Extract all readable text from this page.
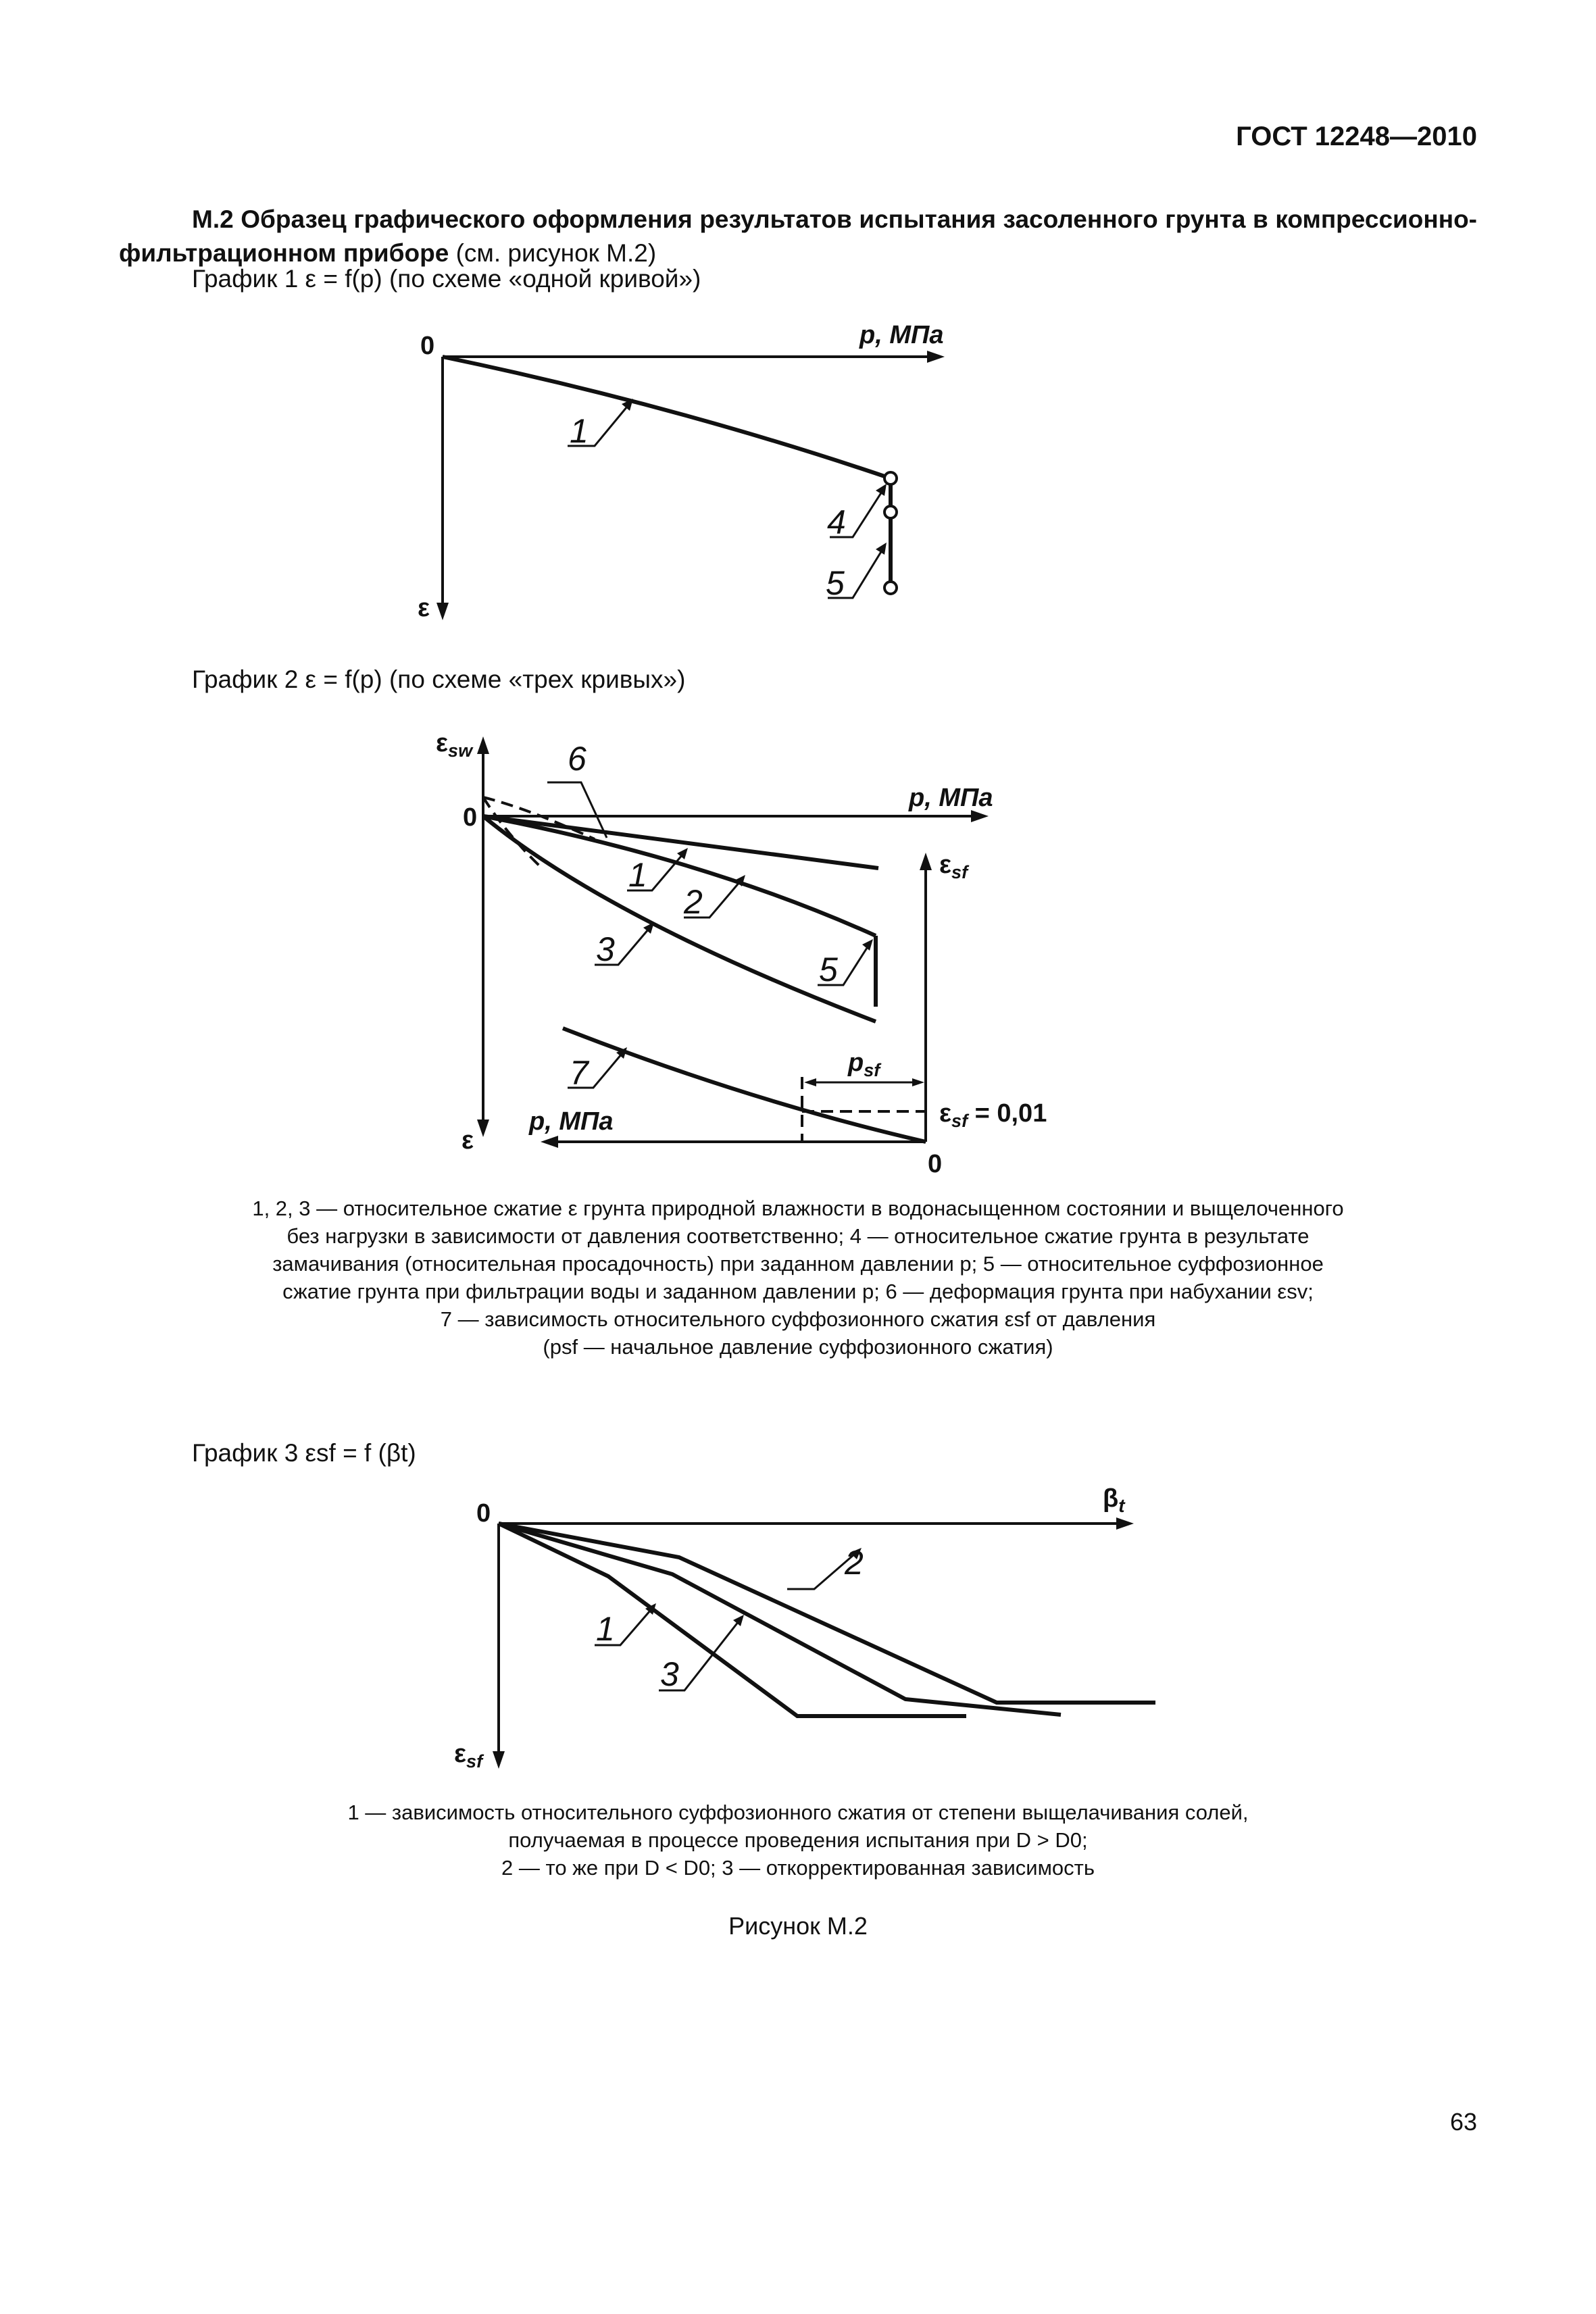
ГОСТ 12248—2010

М.2 Образец графического оформления результатов испытания засоленного грунта в компрессионно-фильтрационном приборе (см. рисунок М.2)

График 1 ε = f(p) (по схеме «одной кривой»)
График 2 ε = f(p) (по схеме «трех кривых»)
1, 2, 3 — относительное сжатие ε грунта природной влажности в водонасыщенном состоянии и выщелоченного
без нагрузки в зависимости от давления соответственно; 4 — относительное сжатие грунта в результате
замачивания (относительная просадочность) при заданном давлении p; 5 — относительное суффозионное
сжатие грунта при фильтрации воды и заданном давлении p; 6 — деформация грунта при набухании εsv;
7 — зависимость относительного суффозионного сжатия εsf от давления
(psf — начальное давление суффозионного сжатия)
График 3 εsf = f (βt)
1 — зависимость относительного суффозионного сжатия от степени выщелачивания солей,
получаемая в процессе проведения испытания при D > D0;
2 — то же при D < D0; 3 — откорректированная зависимость
Рисунок М.2
63
0	p, МПа
ε
1
4
5
$\varepsilon_{sw}$
0
ε
p, МПа
$\varepsilon_{sf}$
p, МПа
0
$p_{sf}$
$\varepsilon_{sf} = 0,01$
6
1
2
3
5
7
0
$\beta_t$
$\varepsilon_{sf}$
2
1
3
